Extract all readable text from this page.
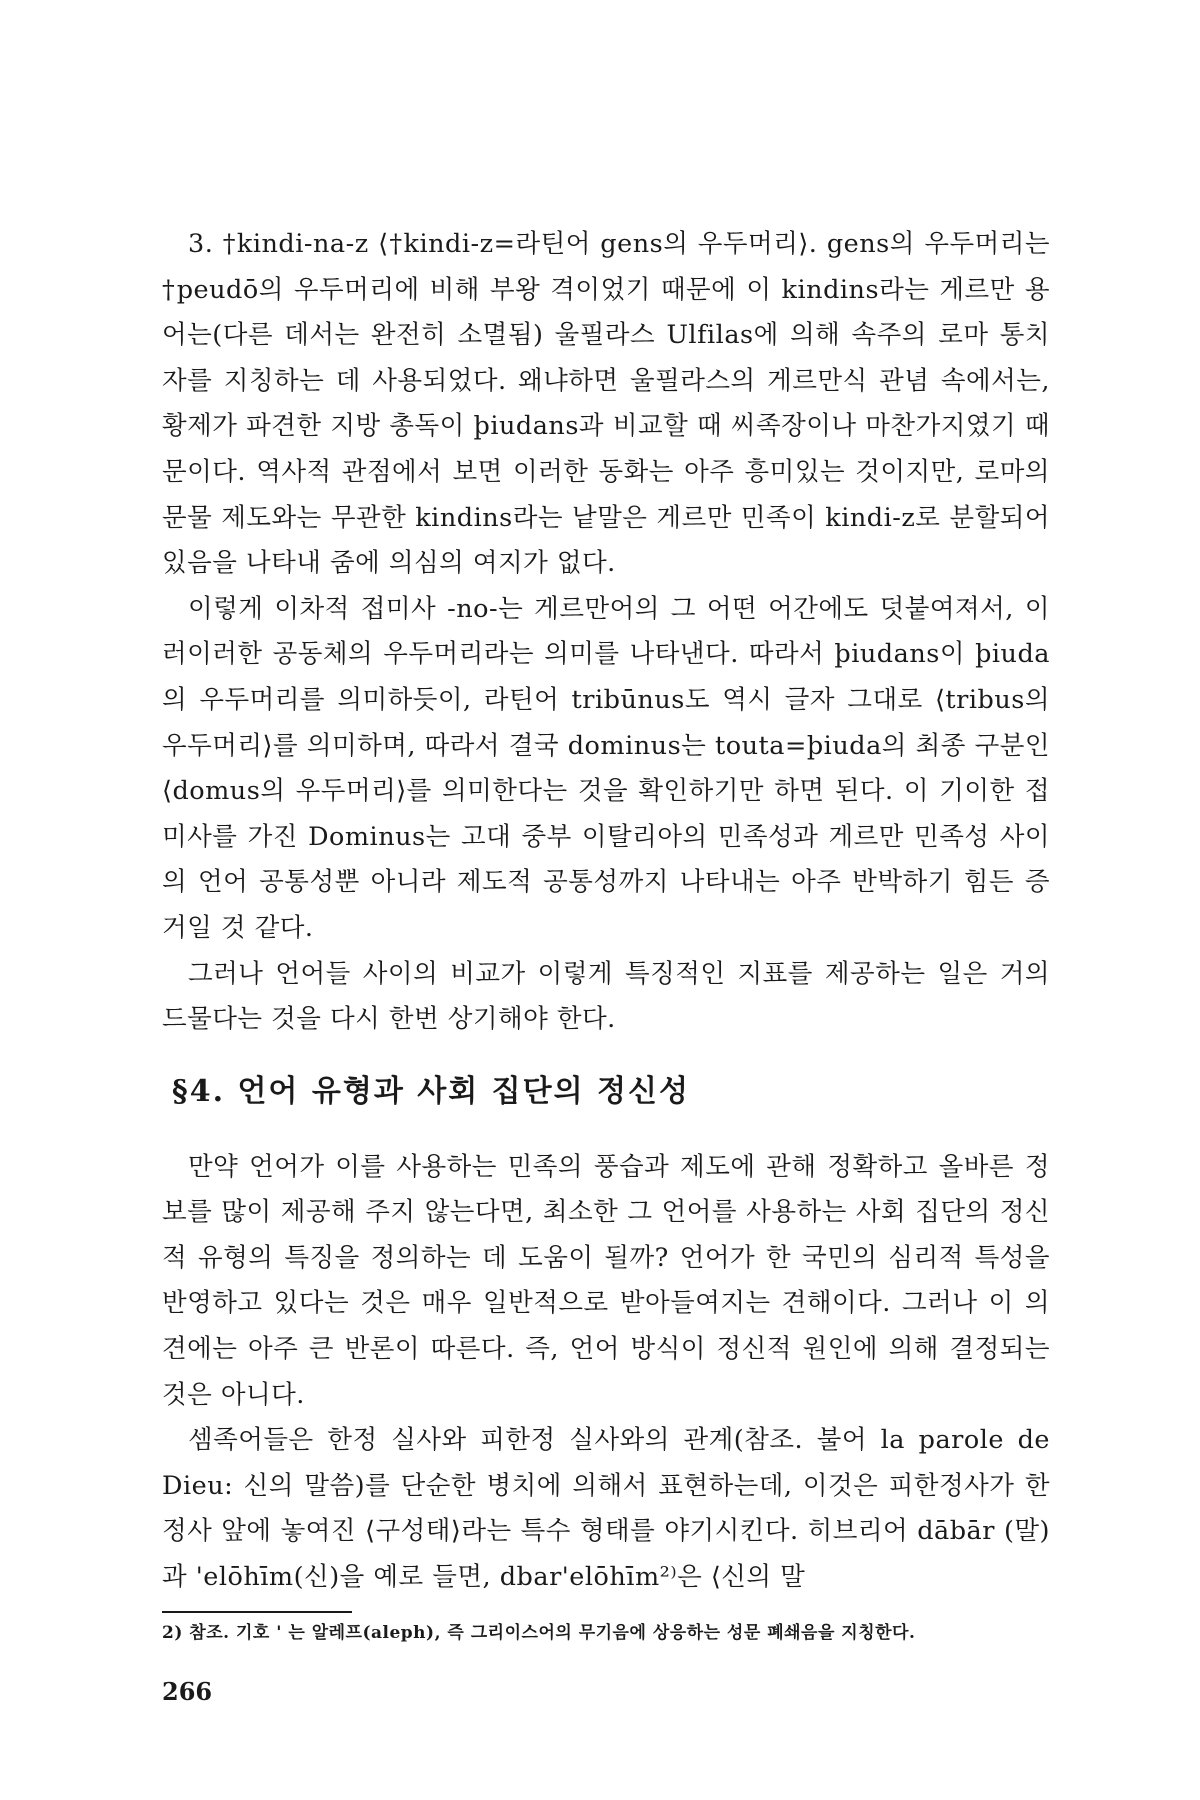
3. †kindi-na-z ⟨†kindi-z=라틴어 gens의 우두머리⟩. gens의 우두머리는 †peudō의 우두머리에 비해 부왕 격이었기 때문에 이 kindins라는 게르만 용어는(다른 데서는 완전히 소멸됨) 울필라스 Ulfilas에 의해 속주의 로마 통치자를 지칭하는 데 사용되었다. 왜냐하면 울필라스의 게르만식 관념 속에서는, 황제가 파견한 지방 총독이 þiudans과 비교할 때 씨족장이나 마찬가지였기 때문이다. 역사적 관점에서 보면 이러한 동화는 아주 흥미있는 것이지만, 로마의 문물 제도와는 무관한 kindins라는 낱말은 게르만 민족이 kindi-z로 분할되어 있음을 나타내 줌에 의심의 여지가 없다.

이렇게 이차적 접미사 -no-는 게르만어의 그 어떤 어간에도 덧붙여져서, 이러이러한 공동체의 우두머리라는 의미를 나타낸다. 따라서 þiudans이 þiuda의 우두머리를 의미하듯이, 라틴어 tribūnus도 역시 글자 그대로 ⟨tribus의 우두머리⟩를 의미하며, 따라서 결국 dominus는 touta=þiuda의 최종 구분인 ⟨domus의 우두머리⟩를 의미한다는 것을 확인하기만 하면 된다. 이 기이한 접미사를 가진 Dominus는 고대 중부 이탈리아의 민족성과 게르만 민족성 사이의 언어 공통성뿐 아니라 제도적 공통성까지 나타내는 아주 반박하기 힘든 증거일 것 같다.

그러나 언어들 사이의 비교가 이렇게 특징적인 지표를 제공하는 일은 거의 드물다는 것을 다시 한번 상기해야 한다.

§4. 언어 유형과 사회 집단의 정신성

만약 언어가 이를 사용하는 민족의 풍습과 제도에 관해 정확하고 올바른 정보를 많이 제공해 주지 않는다면, 최소한 그 언어를 사용하는 사회 집단의 정신적 유형의 특징을 정의하는 데 도움이 될까? 언어가 한 국민의 심리적 특성을 반영하고 있다는 것은 매우 일반적으로 받아들여지는 견해이다. 그러나 이 의견에는 아주 큰 반론이 따른다. 즉, 언어 방식이 정신적 원인에 의해 결정되는 것은 아니다.

셈족어들은 한정 실사와 피한정 실사와의 관계(참조. 불어 la parole de Dieu: 신의 말씀)를 단순한 병치에 의해서 표현하는데, 이것은 피한정사가 한정사 앞에 놓여진 ⟨구성태⟩라는 특수 형태를 야기시킨다. 히브리어 dābār (말)과 'elōhīm(신)을 예로 들면, dbar'elōhīm²⁾은 ⟨신의 말

2) 참조. 기호 ' 는 알레프(aleph), 즉 그리이스어의 무기음에 상응하는 성문 폐쇄음을 지칭한다.
266
